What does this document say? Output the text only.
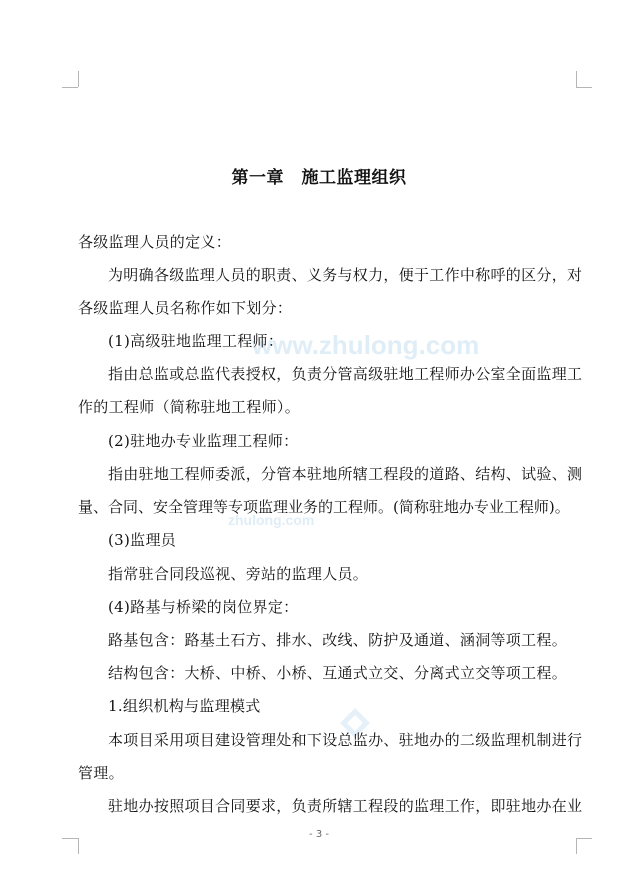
www.zhulong.com
zhulong.com
第一章　施工监理组织
各级监理人员的定义：
为明确各级监理人员的职责、义务与权力，便于工作中称呼的区分，对
各级监理人员名称作如下划分：
(1)高级驻地监理工程师：
指由总监或总监代表授权，负责分管高级驻地工程师办公室全面监理工
作的工程师（简称驻地工程师）。
(2)驻地办专业监理工程师：
指由驻地工程师委派，分管本驻地所辖工程段的道路、结构、试验、测
量、合同、安全管理等专项监理业务的工程师。(简称驻地办专业工程师)。
(3)监理员
指常驻合同段巡视、旁站的监理人员。
(4)路基与桥梁的岗位界定：
路基包含：路基土石方、排水、改线、防护及通道、涵洞等项工程。
结构包含：大桥、中桥、小桥、互通式立交、分离式立交等项工程。
1.组织机构与监理模式
本项目采用项目建设管理处和下设总监办、驻地办的二级监理机制进行
管理。
驻地办按照项目合同要求，负责所辖工程段的监理工作，即驻地办在业
- 3 -
